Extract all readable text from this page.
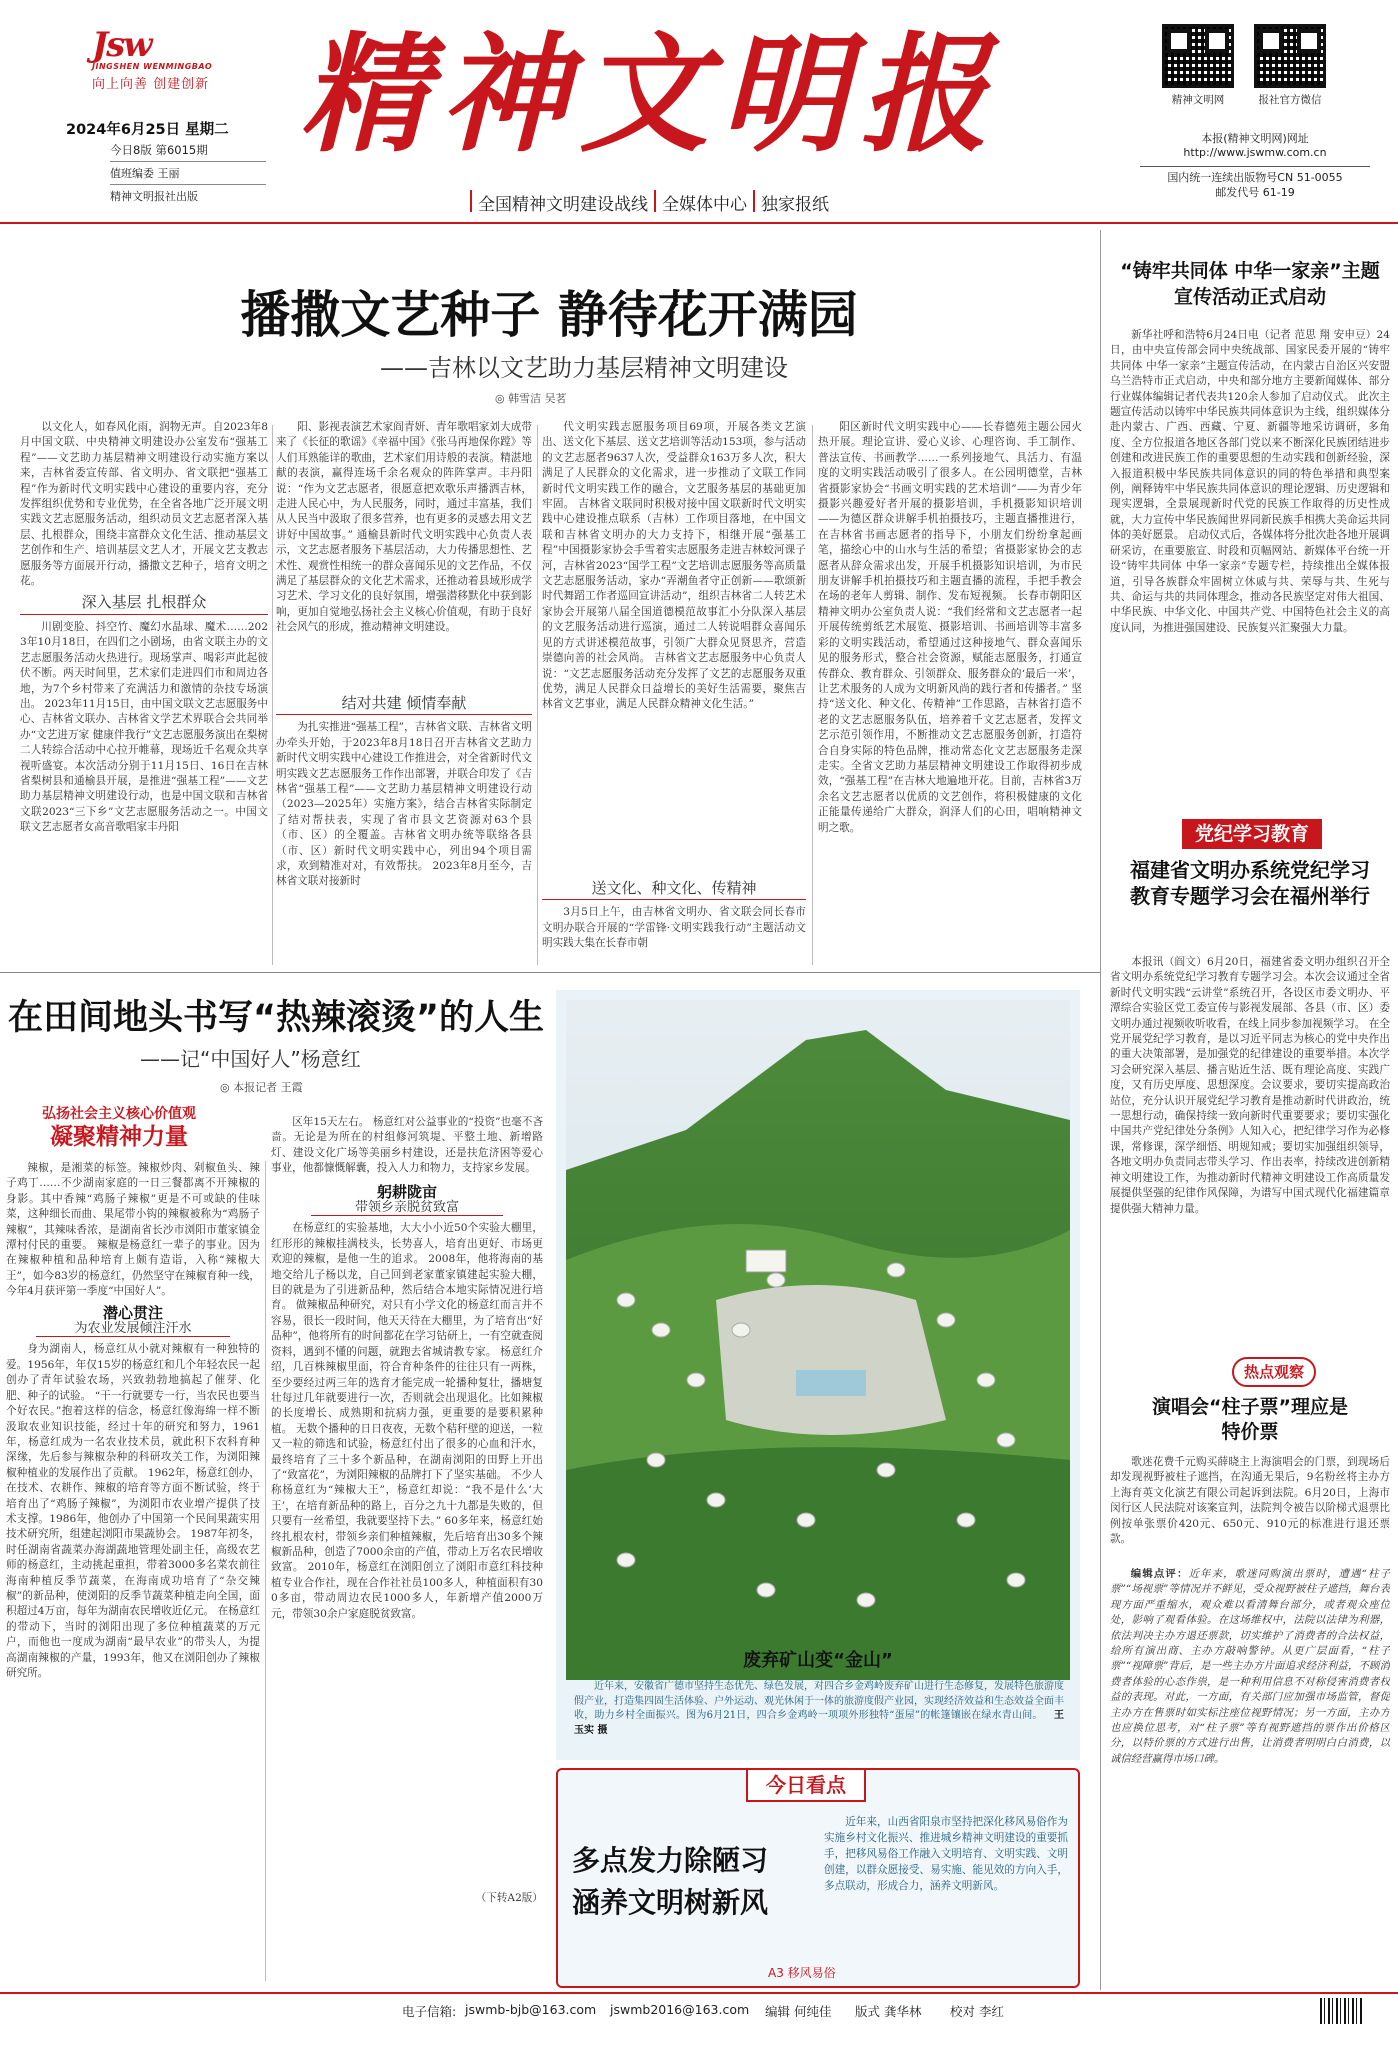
Jsw
JINGSHEN WENMINGBAO
向上向善 创建创新 精神文明报
2024年6月25日 星期二
今日8版 第6015期
值班编委 王丽
精神文明报社出版	全国精神文明建设战线 全媒体中心 独家报纸
精神文明网	报社官方微信
本报(精神文明网)网址
http://www.jswmw.com.cn
国内统一连续出版物号CN 51-0055
邮发代号 61-19
播撒文艺种子 静待花开满园
——吉林以文艺助力基层精神文明建设
◎ 韩雪洁 吴茗

以文化人，如春风化雨，润物无声。自2023年8月中国文联、中央精神文明建设办公室发布“强基工程”——文艺助力基层精神文明建设行动实施方案以来，吉林省委宣传部、省文明办、省文联把“强基工程”作为新时代文明实践中心建设的重要内容，充分发挥组织优势和专业优势，在全省各地广泛开展文明实践文艺志愿服务活动，组织动员文艺志愿者深入基层、扎根群众，围绕丰富群众文化生活、推动基层文艺创作和生产、培训基层文艺人才，开展文艺支教志愿服务等方面展开行动，播撒文艺种子，培育文明之花。

深入基层 扎根群众

川剧变脸、抖空竹、魔幻水晶球、魔术……2023年10月18日，在四们之小剧场，由省文联主办的文艺志愿服务活动火热进行。现场掌声、喝彩声此起彼伏不断。两天时间里，艺术家们走进四们市和周边各地，为7个乡村带来了充满活力和激情的杂技专场演出。 2023年11月15日，由中国文联文艺志愿服务中心、吉林省文联办、吉林省文学艺术界联合会共同举办“文艺进万家 健康伴我行”文艺志愿服务演出在梨树二人转综合活动中心拉开帷幕，现场近千名观众共享视听盛宴。本次活动分别于11月15日、16日在吉林省梨树县和通榆县开展，是推进“强基工程”——文艺助力基层精神文明建设行动，也是中国文联和吉林省文联2023“三下乡”文艺志愿服务活动之一。中国文联文艺志愿者女高音歌唱家丰丹阳

阳、影视表演艺术家阎青妍、青年歌唱家刘大成带来了《长征的歌谣》《幸福中国》《张马再地保你蹚》等人们耳熟能详的歌曲，艺术家们用诗般的表演。精湛地献的表演，赢得连场千余名观众的阵阵掌声。丰丹阳说：“作为文艺志愿者，很愿意把欢歌乐声播洒吉林，走进人民心中，为人民服务，同时，通过丰富基，我们从人民当中汲取了很多营养，也有更多的灵感去用文艺讲好中国故事。” 通榆县新时代文明实践中心负责人表示，文艺志愿者服务下基层活动，大力传播思想性、艺术性、观赏性相统一的群众喜闻乐见的文艺作品，不仅满足了基层群众的文化艺术需求，还推动着县域形成学习艺术、学习文化的良好氛围，增强潜移默化中获到影响，更加自觉地弘扬社会主义核心价值观，有助于良好社会风气的形成，推动精神文明建设。

结对共建 倾情奉献

为扎实推进“强基工程”，吉林省文联、吉林省文明办牵头开始，于2023年8月18日召开吉林省文艺助力新时代文明实践中心建设工作推进会，对全省新时代文明实践文艺志愿服务工作作出部署，并联合印发了《吉林省“强基工程”——文艺助力基层精神文明建设行动（2023—2025年）实施方案》，结合吉林省实际制定了结对帮扶表，实现了省市县文艺资源对63个县（市、区）的全覆盖。吉林省文明办统等联络各县（市、区）新时代文明实践中心，列出94个项目需求，欢到精准对对，有效帮扶。 2023年8月至今，吉林省文联对接新时

代文明实践志愿服务项目69项，开展各类文艺演出、送文化下基层、送文艺培训等活动153项，参与活动的文艺志愿者9637人次，受益群众163万多人次，积大满足了人民群众的文化需求，进一步推动了文联工作同新时代文明实践工作的融合，文艺服务基层的基础更加牢固。 吉林省文联同时积极对接中国文联新时代文明实践中心建设推点联系（吉林）工作项目落地，在中国文联和吉林省文明办的大力支持下，相继开展“强基工程”中国摄影家协会手雪着实志愿服务走进吉林蛟河课子河，吉林省2023“国学工程”文艺培训志愿服务等高质量文艺志愿服务活动，家办“弄潮鱼者守正创新——歌颂新时代舞蹈工作者巡回宣讲活动”，组织吉林省二人转艺术家协会开展第八届全国道德模范故事汇小分队深入基层的文艺服务活动进行巡演，通过二人转说唱群众喜闻乐见的方式讲述模范故事，引领广大群众见贤思齐，营造崇德向善的社会风尚。 吉林省文艺志愿服务中心负责人说：“文艺志愿服务活动充分发挥了文艺的志愿服务双重优势，满足人民群众日益增长的美好生活需要，聚焦吉林省文艺事业，满足人民群众精神文化生活。”

送文化、种文化、传精神

3月5日上午，由吉林省文明办、省文联会同长春市文明办联合开展的“学雷锋·文明实践我行动”主题活动文明实践大集在长春市朝

阳区新时代文明实践中心——长春德苑主题公园火热开展。理论宣讲、爱心义诊、心理咨询、手工制作、普法宣传、书画教学……一系列接地气、具活力、有温度的文明实践活动吸引了很多人。在公园明德堂，吉林省摄影家协会“书画文明实践的艺术培训”——为青少年摄影兴趣爱好者开展的摄影培训，手机摄影知识培训——为德区群众讲解手机拍摄技巧，主题直播推进行，在吉林省书画志愿者的指导下，小朋友们纷纷拿起画笔，描绘心中的山水与生活的希望；省摄影家协会的志愿者从辞众需求出发，开展手机摄影知识培训，为市民朋友讲解手机拍摄技巧和主题直播的流程，手把手教会在场的老年人剪辑、制作、发布短视频。 长春市朝阳区精神文明办公室负责人说：“我们经常和文艺志愿者一起开展传统剪纸艺术展览、摄影培训、书画培训等丰富多彩的文明实践活动，希望通过这种接地气、群众喜闻乐见的服务形式，整合社会资源，赋能志愿服务，打通宣传群众、教育群众、引领群众、服务群众的‘最后一米’，让艺术服务的人成为文明新风尚的践行者和传播者。” 坚持“送文化、种文化、传精神”工作思路，吉林省打造不老的文艺志愿服务队伍，培养着千文艺志愿者，发挥文艺示范引领作用，不断推动文艺志愿服务创新，打造符合自身实际的特色品牌，推动常态化文艺志愿服务走深走实。全省文艺助力基层精神文明建设工作取得初步成效，“强基工程”在吉林大地遍地开花。目前，吉林省3万余名文艺志愿者以优质的文艺创作，将积极健康的文化正能量传递给广大群众，润泽人们的心田，唱响精神文明之歌。

“铸牢共同体 中华一家亲”主题宣传活动正式启动
新华社呼和浩特6月24日电（记者 范思 翔 安申豆）24日，由中央宣传部会同中央统战部、国家民委开展的“铸牢共同体 中华一家亲”主题宣传活动，在内蒙古自治区兴安盟乌兰浩特市正式启动，中央和部分地方主要新闻媒体、部分行业媒体编辑记者代表共120余人参加了启动仪式。 此次主题宣传活动以铸牢中华民族共同体意识为主线，组织媒体分赴内蒙古、广西、西藏、宁夏、新疆等地采访调研，多角度、全方位报道各地区各部门党以来不断深化民族团结进步创建和改进民族工作的重要思想的生动实践和创新经验，深入报道积极中华民族共同体意识的同的特色举措和典型案例，阐释铸牢中华民族共同体意识的理论逻辑、历史逻辑和现实逻辑，全景展现新时代党的民族工作取得的历史性成就，大力宣传中华民族闻世界同新民族手相携大美命运共同体的美好愿景。 启动仪式后，各媒体将分批次赴各地开展调研采访，在重要旅宣、时段和页幅网站、新媒体平台统一开设“铸牢共同体 中华一家亲”专题专栏，持续推出全媒体报道，引导各族群众牢固树立休戚与共、荣辱与共、生死与共、命运与共的共同体理念，推动各民族坚定对伟大祖国、中华民族、中华文化、中国共产党、中国特色社会主义的高度认同，为推进强国建设、民族复兴汇聚强大力量。
党纪学习教育
福建省文明办系统党纪学习教育专题学习会在福州举行
本报讯（阎文）6月20日，福建省委文明办组织召开全省文明办系统党纪学习教育专题学习会。本次会议通过全省新时代文明实践“云讲堂”系统召开，各设区市委文明办、平潭综合实验区党工委宣传与影视发展部、各县（市、区）委文明办通过视频收听收看，在线上同步参加视频学习。 在全党开展党纪学习教育，是以习近平同志为核心的党中央作出的重大决策部署，是加强党的纪律建设的重要举措。本次学习会研究深入基层、播言贴近生活、既有理论高度、实践广度，又有历史厚度、思想深度。会议要求，要切实提高政治站位，充分认识开展党纪学习教育是推动新时代讲政治，统一思想行动，确保持续一致向新时代重要要求；要切实强化中国共产党纪律处分条例》人知入心，把纪律学习作为必修课，常修课，深学细悟、明规知戒；要切实加强组织领导，各地文明办负责同志带头学习、作出表率，持续改进创新精神文明建设工作，为推动新时代精神文明建设工作高质量发展提供坚强的纪律作风保障，为谱写中国式现代化福建篇章提供强大精神力量。
热点观察
演唱会“柱子票”理应是特价票
歌迷花费千元购买薛晓主上海演唱会的门票，到现场后却发现视野被柱子遮挡，在沟通无果后，9名粉丝将主办方上海育英文化演艺有限公司起诉到法院。6月20日，上海市闵行区人民法院对该案宣判，法院判令被告以阶梯式退票比例按单张票价420元、650元、910元的标准进行退还票款。
编辑点评：近年来，歌迷同购演出票时，遭遇“柱子票”“场视票”等情况并不鲜见，受众视野被柱子遮挡，舞台表现方面严重缩水，观众难以看清舞台部分，或者观众座位处，影响了观看体验。在这场维权中，法院以法律为利器，依法判决主办方退还票款，切实维护了消费者的合法权益，给所有演出商、主办方敲响警钟。从更广层面看，“柱子票”“视障票”背后，是一些主办方片面追求经济利益，不顾消费者体验的心态作祟，是一种利用信息不对称侵害消费者权益的表现。对此，一方面，有关部门应加强市场监管，督促主办方在售票时如实标注座位视野情况；另一方面，主办方也应换位思考，对“柱子票”等有视野遮挡的票作出价格区分，以特价票的方式进行出售，让消费者明明白白消费，以诚信经营赢得市场口碑。
在田间地头书写“热辣滚烫”的人生
——记“中国好人”杨意红
◎ 本报记者 王霞
弘扬社会主义核心价值观
凝聚精神力量

辣椒，是湘菜的标签。辣椒炒肉、剁椒鱼头、辣子鸡丁……不少湖南家庭的一日三餐都离不开辣椒的身影。其中香辣“鸡肠子辣椒”更是不可或缺的佳味菜，这种细长而曲、果尾带小钩的辣椒被称为“鸡肠子辣椒”，其辣味香浓，是湖南省长沙市浏阳市董家镇金潭村付民的重要。 辣椒是杨意红一辈子的事业。因为在辣椒种植和品种培育上颇有造诣，入称“辣椒大王”，如今83岁的杨意红，仍然坚守在辣椒育种一线，今年4月获评第一季度“中国好人”。

潜心贯注
为农业发展倾注汗水

身为湖南人，杨意红从小就对辣椒有一种独特的爱。1956年，年仅15岁的杨意红和几个年轻农民一起创办了青年试验农场，兴致勃勃地搞起了催芽、化肥、种子的试验。 “干一行就要专一行，当农民也要当个好农民。”抱着这样的信念，杨意红像海绵一样不断汲取农业知识技能，经过十年的研究和努力，1961年，杨意红成为一名农业技术员，就此积下农科育种深缘，先后参与辣椒杂种的科研攻关工作，为浏阳辣椒种植业的发展作出了贡献。 1962年，杨意红创办，在技术、农耕作、辣椒的培育等方面不断试验，终于培育出了“鸡肠子辣椒”，为浏阳市农业增产提供了技术支撑。1986年，他创办了中国第一个民间果蔬实用技术研究所，组建起浏阳市果蔬协会。 1987年初冬，时任湖南省蔬菜办海湖蔬地管理处副主任，高级农艺师的杨意红，主动挑起重担，带着3000多名菜农前往海南种植反季节蔬菜，在海南成功培育了“杂交辣椒”的新品种，使浏阳的反季节蔬菜种植走向全国，面积超过4万亩，每年为湖南农民增收近亿元。 在杨意红的带动下，当时的浏阳出现了多位种植蔬菜的万元户，而他也一度成为湖南“最早农业”的带头人，为提高湖南辣椒的产量，1993年，他又在浏阳创办了辣椒研究所。

区年15天左右。 杨意红对公益事业的“投资”也毫不吝啬。无论是为所在的村组修河筑堤、平整土地、新增路灯、建设文化广场等美丽乡村建设，还是扶危济困等爱心事业，他都慷慨解囊，投入人力和物力，支持家乡发展。

躬耕陇亩
带领乡亲脱贫致富

在杨意红的实验基地，大大小小近50个实验大棚里，红形形的辣椒挂满枝头，长势喜人，培育出更好、市场更欢迎的辣椒，是他一生的追求。 2008年，他将海南的基地交给儿子杨以龙，自己回到老家董家镇建起实验大棚，目的就是为了引进新品种，然后结合本地实际情况进行培育。 做辣椒品种研究，对只有小学文化的杨意红而言并不容易，很长一段时间，他天天待在大棚里，为了培育出“好品种”，他将所有的时间都花在学习钻研上，一有空就查阅资料，遇到不懂的问题，就跑去省城请教专家。 杨意红介绍，几百株辣椒里面，符合育种条件的往往只有一两株，至少要经过两三年的选育才能完成一轮播种复壮，播塘复壮每过几年就要进行一次，否则就会出现退化。比如辣椒的长度增长、成熟期和抗病力强，更重要的是要积累种植。 无数个播种的日日夜夜，无数个秸秆壁的迎送，一粒又一粒的筛选和试验，杨意红付出了很多的心血和汗水，最终培育了三十多个新品种，在湖南浏阳的田野上开出了“致富花”，为浏阳辣椒的品牌打下了坚实基础。 不少人称杨意红为“辣椒大王”，杨意红却说：“我不是什么‘大王’，在培育新品种的路上，百分之九十九都是失败的，但只要有一丝希望，我就要坚持下去。” 60多年来，杨意红始终扎根农村，带领乡亲们种植辣椒，先后培育出30多个辣椒新品种，创造了7000余亩的产值，带动上万名农民增收致富。 2010年，杨意红在浏阳创立了浏阳市意红科技种植专业合作社，现在合作社社员100多人，种植面积有300多亩，带动周边农民1000多人，年新增产值2000万元，带领30余户家庭脱贫致富。

（下转A2版）
废弃矿山变“金山”
近年来，安徽省广德市坚持生态优先、绿色发展，对四合乡金鸡岭废弃矿山进行生态修复，发展特色旅游度假产业，打造集四固生活体验、户外运动、观光休闲于一体的旅游度假产业园，实现经济效益和生态效益全面丰收，助力乡村全面振兴。图为6月21日，四合乡金鸡岭一项项外形独特“蛋屋”的帐篷镶嵌在绿水青山间。 王玉实 摄
今日看点
多点发力除陋习 涵养文明树新风
近年来，山西省阳泉市坚持把深化移风易俗作为实施乡村文化振兴、推进城乡精神文明建设的重要抓手，把移风易俗工作融入文明培育、文明实践、文明创建，以群众愿接受、易实施、能见效的方向入手，多点联动，形成合力，涵养文明新风。
A3 移风易俗
电子信箱: jswmb-bjb@163.com jswmb2016@163.com 编辑 何纯佳 版式 龚华林 校对 李红
